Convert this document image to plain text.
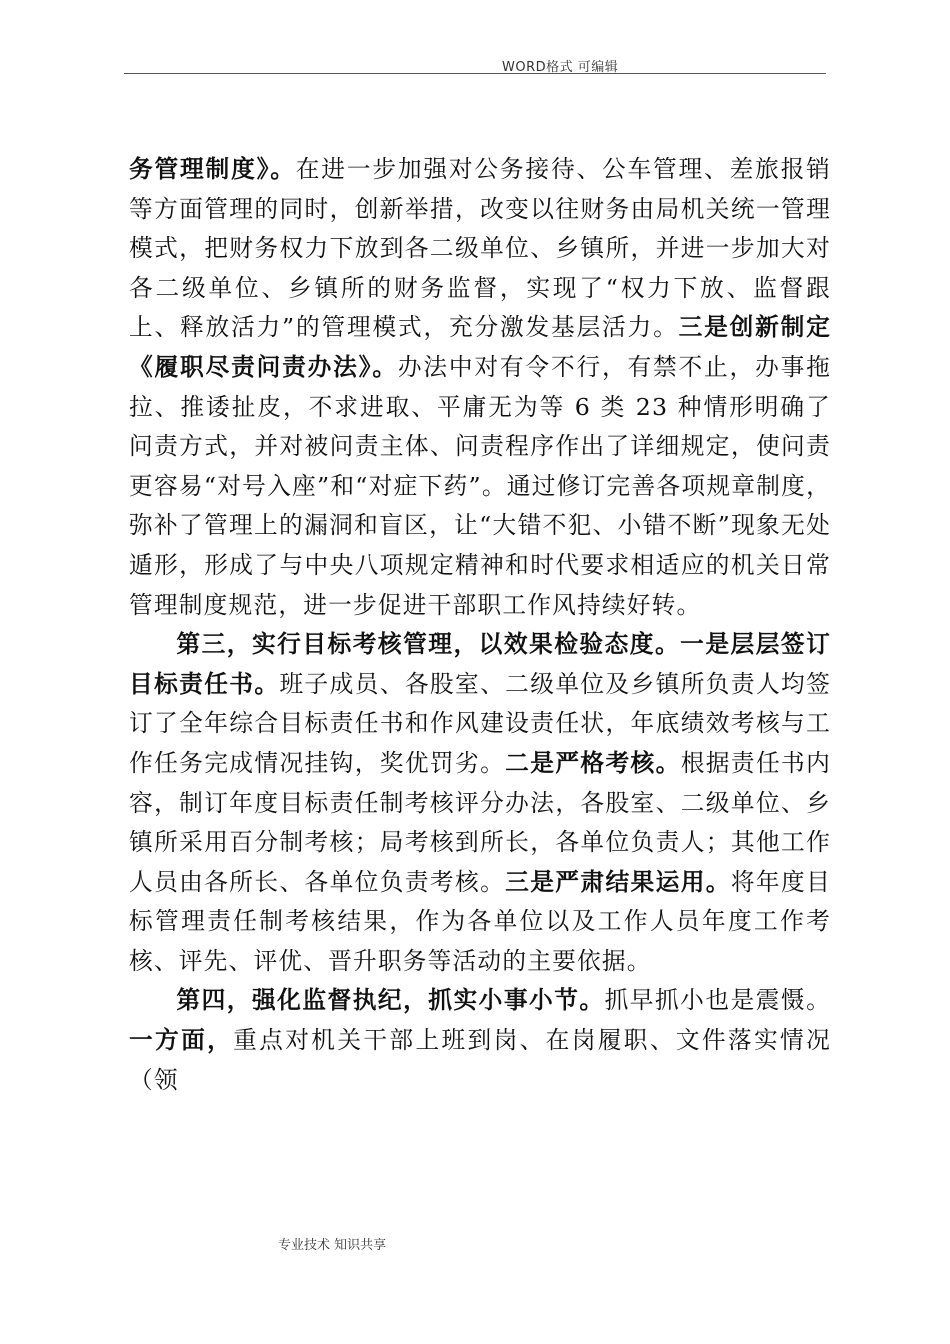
WORD格式 可编辑

务管理制度》。在进一步加强对公务接待、公车管理、差旅报销等方面管理的同时，创新举措，改变以往财务由局机关统一管理模式，把财务权力下放到各二级单位、乡镇所，并进一步加大对各二级单位、乡镇所的财务监督，实现了“权力下放、监督跟上、释放活力”的管理模式，充分激发基层活力。三是创新制定《履职尽责问责办法》。办法中对有令不行，有禁不止，办事拖拉、推诿扯皮，不求进取、平庸无为等 6 类 23 种情形明确了问责方式，并对被问责主体、问责程序作出了详细规定，使问责更容易“对号入座”和“对症下药”。通过修订完善各项规章制度，弥补了管理上的漏洞和盲区，让“大错不犯、小错不断”现象无处遁形，形成了与中央八项规定精神和时代要求相适应的机关日常管理制度规范，进一步促进干部职工作风持续好转。

第三，实行目标考核管理，以效果检验态度。一是层层签订目标责任书。班子成员、各股室、二级单位及乡镇所负责人均签订了全年综合目标责任书和作风建设责任状，年底绩效考核与工作任务完成情况挂钩，奖优罚劣。二是严格考核。根据责任书内容，制订年度目标责任制考核评分办法，各股室、二级单位、乡镇所采用百分制考核；局考核到所长，各单位负责人；其他工作人员由各所长、各单位负责考核。三是严肃结果运用。将年度目标管理责任制考核结果，作为各单位以及工作人员年度工作考核、评先、评优、晋升职务等活动的主要依据。

第四，强化监督执纪，抓实小事小节。抓早抓小也是震慑。一方面，重点对机关干部上班到岗、在岗履职、文件落实情况（领

专业技术 知识共享
